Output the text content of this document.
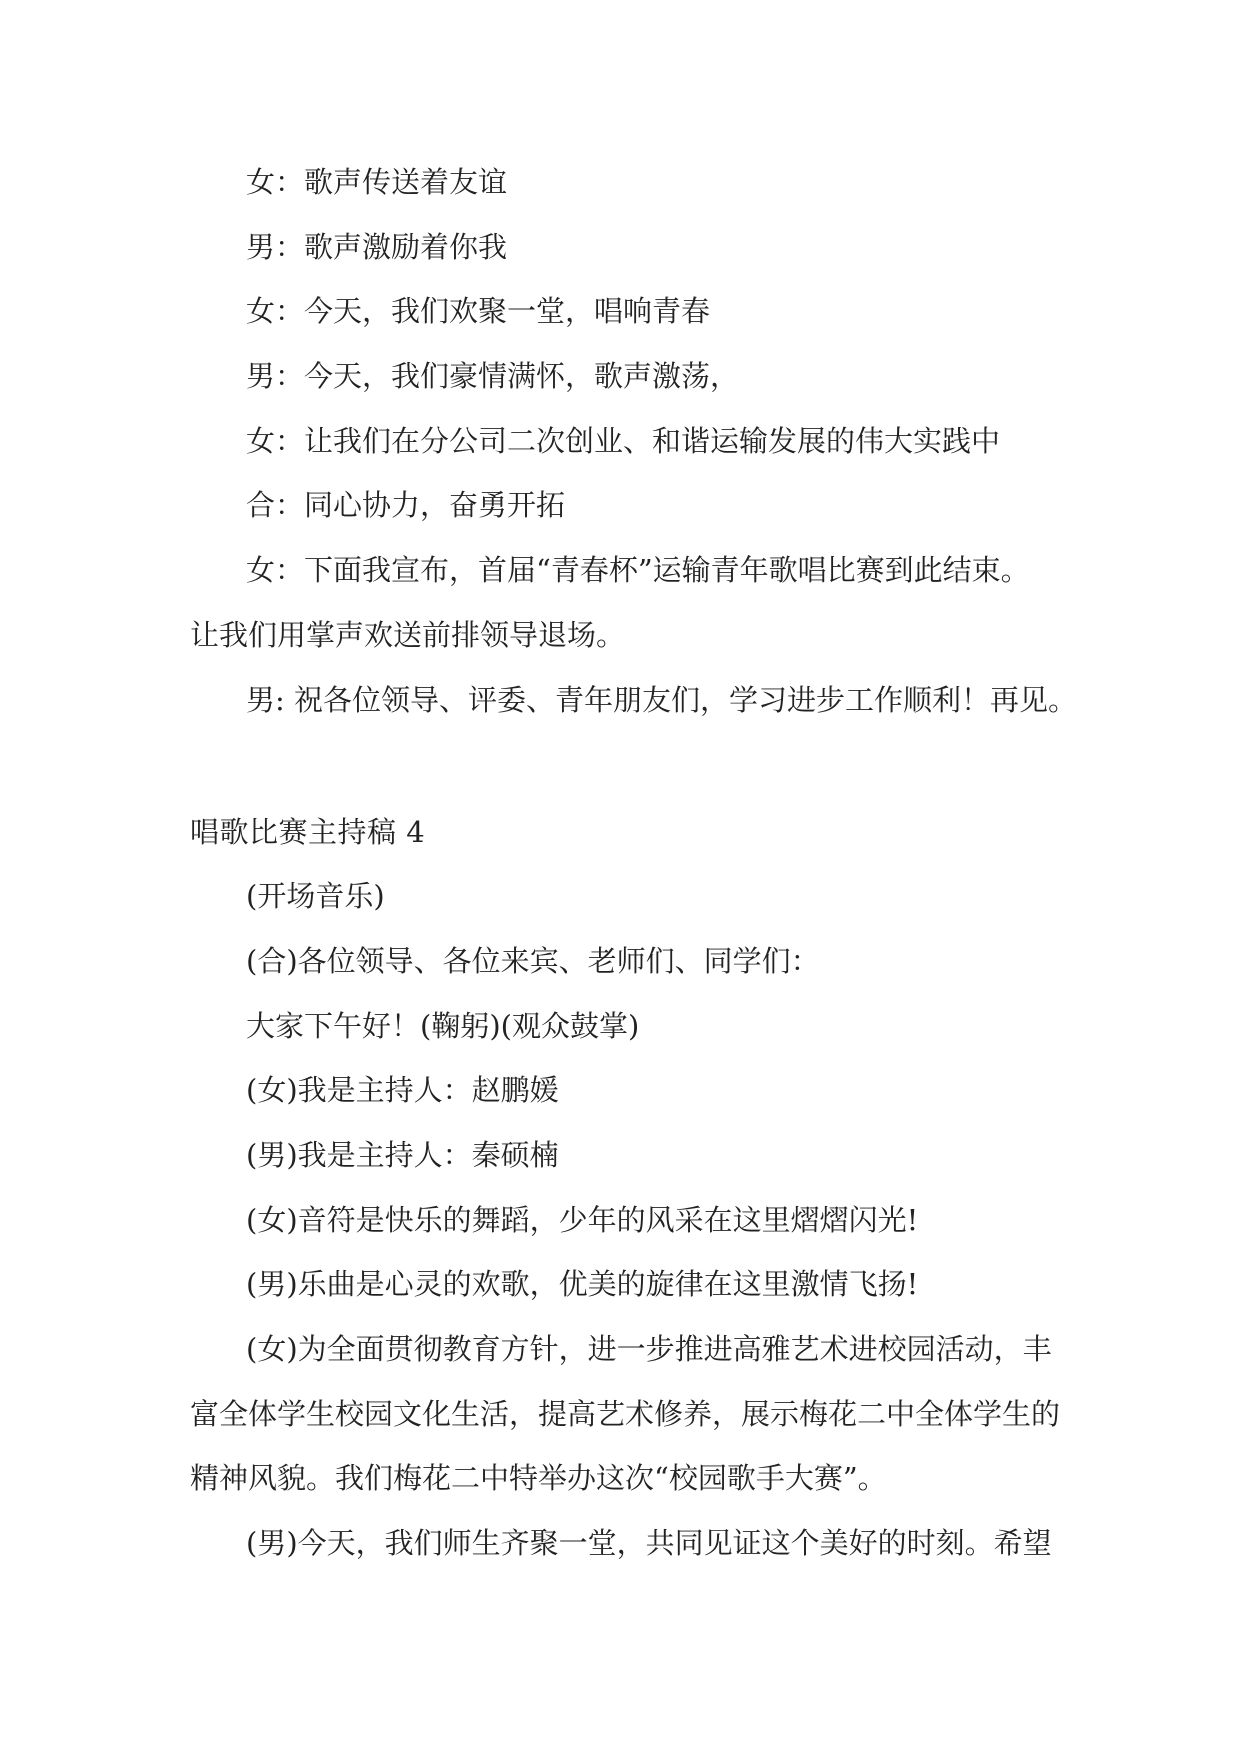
女：歌声传送着友谊
男：歌声激励着你我
女：今天，我们欢聚一堂，唱响青春
男：今天，我们豪情满怀，歌声激荡，
女：让我们在分公司二次创业、和谐运输发展的伟大实践中
合：同心协力，奋勇开拓
女：下面我宣布，首届“青春杯”运输青年歌唱比赛到此结束。
让我们用掌声欢送前排领导退场。
男: 祝各位领导、评委、青年朋友们，学习进步工作顺利！再见。
唱歌比赛主持稿 4
(开场音乐)
(合)各位领导、各位来宾、老师们、同学们：
大家下午好！(鞠躬)(观众鼓掌)
(女)我是主持人：赵鹏媛
(男)我是主持人：秦硕楠
(女)音符是快乐的舞蹈，少年的风采在这里熠熠闪光!
(男)乐曲是心灵的欢歌，优美的旋律在这里激情飞扬!
(女)为全面贯彻教育方针，进一步推进高雅艺术进校园活动，丰
富全体学生校园文化生活，提高艺术修养，展示梅花二中全体学生的
精神风貌。我们梅花二中特举办这次“校园歌手大赛”。
(男)今天，我们师生齐聚一堂，共同见证这个美好的时刻。希望
